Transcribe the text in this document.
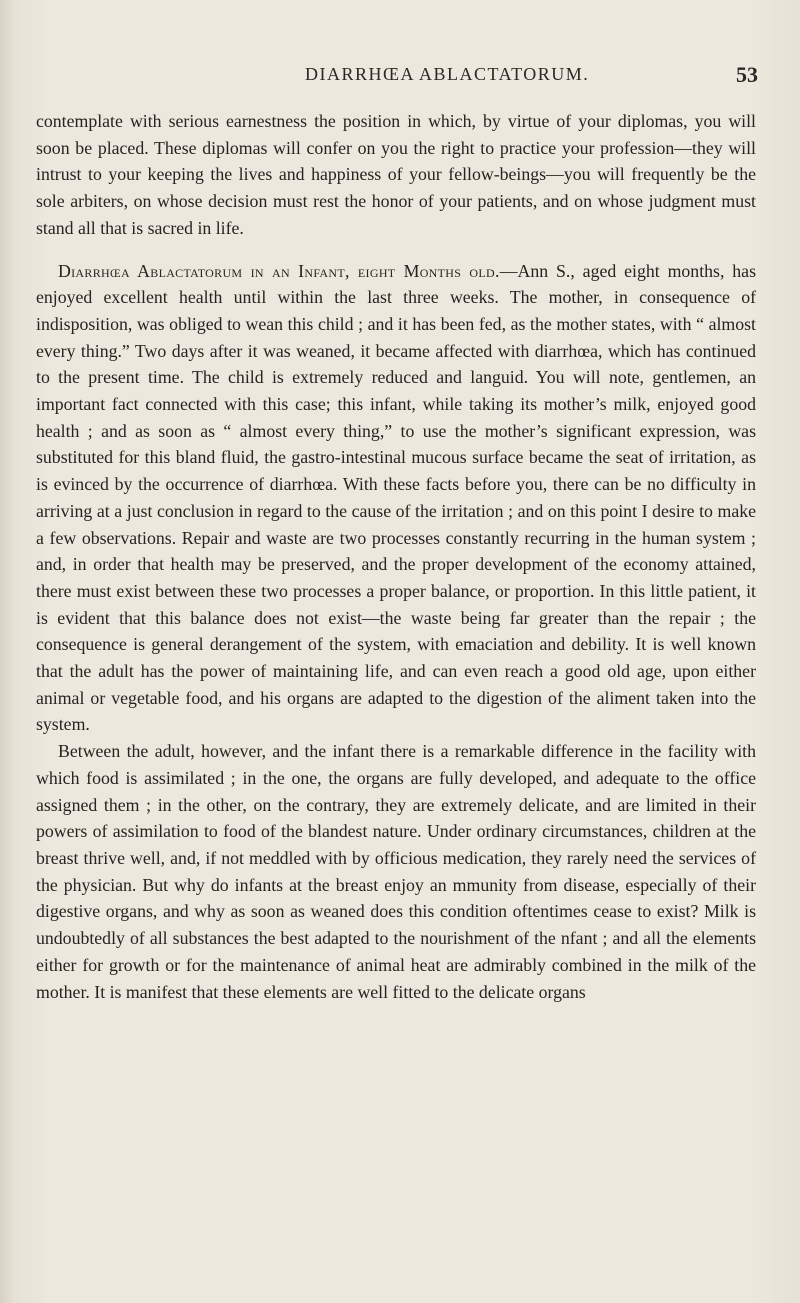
DIARRHŒA ABLACTATORUM.	53

contemplate with serious earnestness the position in which, by virtue of your diplomas, you will soon be placed. These diplomas will confer on you the right to practice your profession—they will intrust to your keeping the lives and happiness of your fellow-beings—you will frequently be the sole arbiters, on whose decision must rest the honor of your patients, and on whose judgment must stand all that is sacred in life.

Diarrhœa Ablactatorum in an Infant, eight Months old.—Ann S., aged eight months, has enjoyed excellent health until within the last three weeks. The mother, in consequence of indisposition, was obliged to wean this child ; and it has been fed, as the mother states, with “ almost every thing.” Two days after it was weaned, it became affected with diarrhœa, which has continued to the present time. The child is extremely reduced and languid. You will note, gentlemen, an important fact connected with this case; this infant, while taking its mother’s milk, enjoyed good health ; and as soon as “ almost every thing,” to use the mother’s significant expression, was substituted for this bland fluid, the gastro-intestinal mucous surface became the seat of irritation, as is evinced by the occurrence of diarrhœa. With these facts before you, there can be no difficulty in arriving at a just conclusion in regard to the cause of the irritation ; and on this point I desire to make a few observations. Repair and waste are two processes constantly recurring in the human system ; and, in order that health may be preserved, and the proper development of the economy attained, there must exist between these two processes a proper balance, or proportion. In this little patient, it is evident that this balance does not exist—the waste being far greater than the repair ; the consequence is general derangement of the system, with emaciation and debility. It is well known that the adult has the power of maintaining life, and can even reach a good old age, upon either animal or vegetable food, and his organs are adapted to the digestion of the aliment taken into the system.

Between the adult, however, and the infant there is a remarkable difference in the facility with which food is assimilated ; in the one, the organs are fully developed, and adequate to the office assigned them ; in the other, on the contrary, they are extremely delicate, and are limited in their powers of assimilation to food of the blandest nature. Under ordinary circumstances, children at the breast thrive well, and, if not meddled with by officious medication, they rarely need the services of the physician. But why do infants at the breast enjoy an mmunity from disease, especially of their digestive organs, and why as soon as weaned does this condition oftentimes cease to exist? Milk is undoubtedly of all substances the best adapted to the nourishment of the nfant ; and all the elements either for growth or for the maintenance of animal heat are admirably combined in the milk of the mother. It is manifest that these elements are well fitted to the delicate organs
